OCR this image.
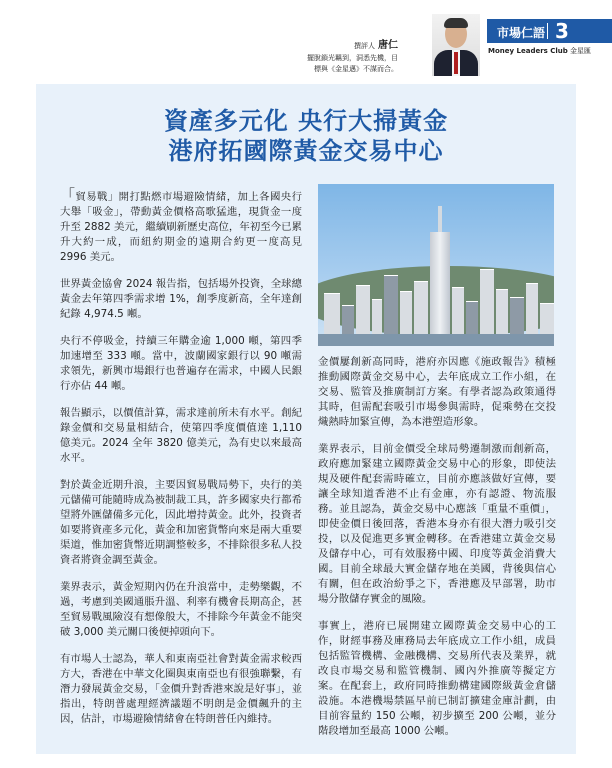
撰評人 唐仁
擺脫鎖光羈到，洞悉先機，目
標與《金星邁》不謀而合。
市場仁語 3
Money Leaders Club 金星匯
資產多元化 央行大掃黃金
港府拓國際黃金交易中心

「貿易戰」開打點燃市場避險情緒，加上各國央行大舉「吸金」，帶動黃金價格高歌猛進，現貨金一度升至 2882 美元，繼續刷新歷史高位，年初至今已累升大約一成，而紐約期金的遠期合約更一度高見 2996 美元。

世界黃金協會 2024 報告指，包括場外投資，全球總黃金去年第四季需求增 1%，創季度新高，全年達創紀錄 4,974.5 噸。

央行不停吸金，持續三年購金逾 1,000 噸，第四季加速增至 333 噸。當中，波蘭國家銀行以 90 噸需求領先，新興市場銀行也普遍存在需求，中國人民銀行亦佔 44 噸。

報告顯示，以價值計算，需求達前所未有水平。創紀錄金價和交易量相結合，使第四季度價值達 1,110 億美元。2024 全年 3820 億美元，為有史以來最高水平。

對於黃金近期升浪，主要因貿易戰局勢下，央行的美元儲備可能隨時成為被制裁工具，許多國家央行都希望將外匯儲備多元化，因此增持黃金。此外，投資者如要將資產多元化，黃金和加密貨幣向來是兩大重要渠道，惟加密貨幣近期調整較多，不排除很多私人投資者將資金調至黃金。

業界表示，黃金短期內仍在升浪當中，走勢樂觀，不過，考慮到美國通脹升溫、利率有機會長期高企，甚至貿易戰風險沒有想像般大，不排除今年黃金不能突破 3,000 美元關口後便掉頭向下。

有市場人士認為，華人和東南亞社會對黃金需求較西方大，香港在中華文化圈與東南亞也有很強聯繫，有潛力發展黃金交易，「金價升對香港來說是好事」，並指出，特朗普處理經濟議題不明朗是金價飆升的主因，估計，市場避險情緒會在特朗普任內維持。

金價屢創新高同時，港府亦因應《施政報告》積極推動國際黃金交易中心，去年底成立工作小組，在交易、監管及推廣制訂方案。有學者認為政策通得其時，但需配套吸引市場參與需時，促乘勢在交投熾熱時加緊宣傳，為本港塑造形象。

業界表示，目前金價受全球局勢遷制激而創新高，政府應加緊建立國際黃金交易中心的形象，即使法規及硬件配套需時確立，目前亦應該做好宣傳，要讓全球知道香港不止有金庫，亦有認證、物流服務。並且認為，黃金交易中心應該「重量不重價」，即使金價日後回落，香港本身亦有很大潛力吸引交投，以及促進更多實金轉移。在香港建立黃金交易及儲存中心，可有效服務中國、印度等黃金消費大國。目前全球最大實金儲存地在美國，背後與信心有關，但在政治紛爭之下，香港應及早部署，助市場分散儲存實金的風險。

事實上，港府已展開建立國際黃金交易中心的工作，財經事務及庫務局去年底成立工作小組，成員包括監管機構、金融機構、交易所代表及業界，就改良市場交易和監管機制、國內外推廣等擬定方案。在配套上，政府同時推動構建國際級黃金倉儲設施。本港機場禁區早前已制訂擴建金庫計劃，由目前容量約 150 公噸，初步擴至 200 公噸，並分階段增加至最高 1000 公噸。
